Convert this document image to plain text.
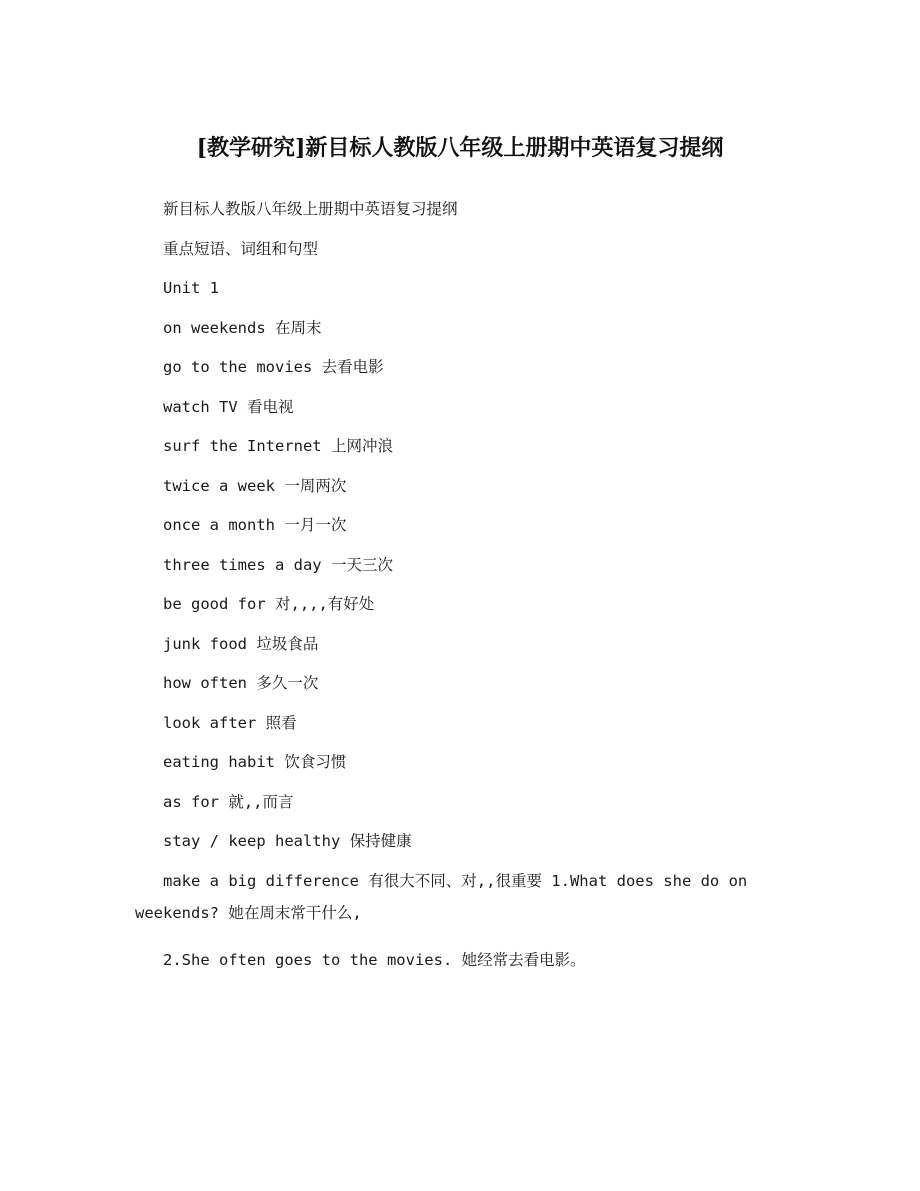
[教学研究]新目标人教版八年级上册期中英语复习提纲
新目标人教版八年级上册期中英语复习提纲
重点短语、词组和句型
Unit 1
on weekends 在周末
go to the movies 去看电影
watch TV 看电视
surf the Internet 上网冲浪
twice a week 一周两次
once a month 一月一次
three times a day 一天三次
be good for 对,,,,有好处
junk food 垃圾食品
how often 多久一次
look after 照看
eating habit 饮食习惯
as for 就,,而言
stay / keep healthy 保持健康
make a big difference 有很大不同、对,,很重要 1.What does she do on
weekends? 她在周末常干什么,
2.She often goes to the movies. 她经常去看电影。
